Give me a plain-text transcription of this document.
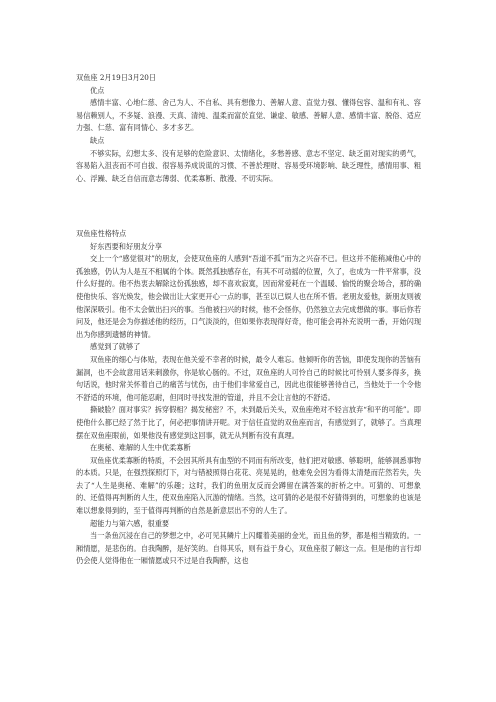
双鱼座 2月19日3月20日

优点

感情丰富、心地仁慈、舍己为人、不自私、具有想像力、善解人意、直觉力强、懂得包容、温和有礼、容易信赖别人，不多疑、浪漫、天真、清纯、温柔而富於直觉、谦虚、敏感、善解人意、感情丰富、脱俗、适应力强、仁慈、富有同情心、多才多艺。

缺点

不够实际，幻想太多、没有足够的危险意识、太情绪化，多愁善感、意志不坚定、缺乏面对现实的勇气，容易陷入沮丧而不可自拔、很容易养成说谎的习惯、不善於理财、容易受环境影响、缺乏理性，感情用事、粗心、浮躁、缺乏自信而意志薄弱、优柔寡断、散漫、不切实际。

双鱼座性格特点

好东西要和好朋友分享

交上一个“感觉很对”的朋友，会使双鱼座的人感到“吾道不孤”而为之兴奋不已。但这并不能稍减他心中的孤独感，仍认为人是互不相属的个体。既然孤独感存在，有其不可动摇的位置，久了，也成为一件平常事，没什么好提的。他不热衷去解除这份孤独感，却不喜欢寂寞，因而常爱耗在一个温暖、愉悦的聚会场合，那的确使他快乐、容光焕发，他会做出让大家更开心一点的事，甚至以已娱人也在所不惜。老朋友爱他，新朋友则被他深深吸引。他不太会做出扫兴的事。当他被扫兴的时候，他不会怪你，仍然独立去完成想做的事。事后你若问及，他还是会为你描述他的经历，口气淡淡的，但如果你表现得好奇，他可能会再补充说明一番，开始闪现出为你感到遗憾的神情。

感觉到了就够了

双鱼座的细心与体贴，表现在他关爱不幸者的时候，最令人难忘。他倾听你的苦恼，即使发现你的苦恼有漏洞，也不会故意用话来刺激你，你是软心肠的。不过，双鱼座的人可怜自己的时候比可怜别人要多得多，换句话说，他时常关怀着自己的痛苦与忧伤，由于他们非常爱自己，因此也很能够善待自己，当他处于一个令他不舒适的环境，他可能忍耐，但同时寻找发泄的管道，并且不会让言他的不舒适。

撕破脸？面对事实？拆穿假相？揭发秘密？不，未到最后关头，双鱼座绝对不轻言放弃“和平的可能”。即使他什么都已经了然于比了，何必把事情讲开呢。对于信任直觉的双鱼座而言，有感觉到了，就够了。当真理摆在双鱼座眼前，如果他没有感觉到这回事，就无从判断有没有真理。

在奥秘、难解的人生中优柔寡断

双鱼座优柔寡断的特质，不会因其所具有血型的不同而有所改变，他们把对敏感、够聪明，能够洞悉事物的本质。只是，在强烈探照灯下，对与错被照得白花花、亮晃晃的，他难免会因为看得太清楚而茫然若失，失去了“人生是奥秘、难解”的乐趣；这时，我们的鱼朋友反而会蹲留在满答案的折桥之中。可猜的、可想象的、还值得再判断的人生，使双鱼座陷入沉游的情绪。当然，这可猜的必是很不好猜得到的，可想象的也该是难以想象得到的，至于值得再判断的自然是新意层出不穷的人生了。

超能力与第六感，很重要

当一条鱼沉浸在自己的梦想之中，必可见其鳞片上闪耀着美丽的金光，而且鱼的梦，都是相当精致的。一厢情愿，是悲伤的。自我陶醉，是好笑的。自得其乐，则有益于身心，双鱼座很了解这一点。但是他的言行却仍会使人觉得他在一厢情愿或只不过是自我陶醉，这也
